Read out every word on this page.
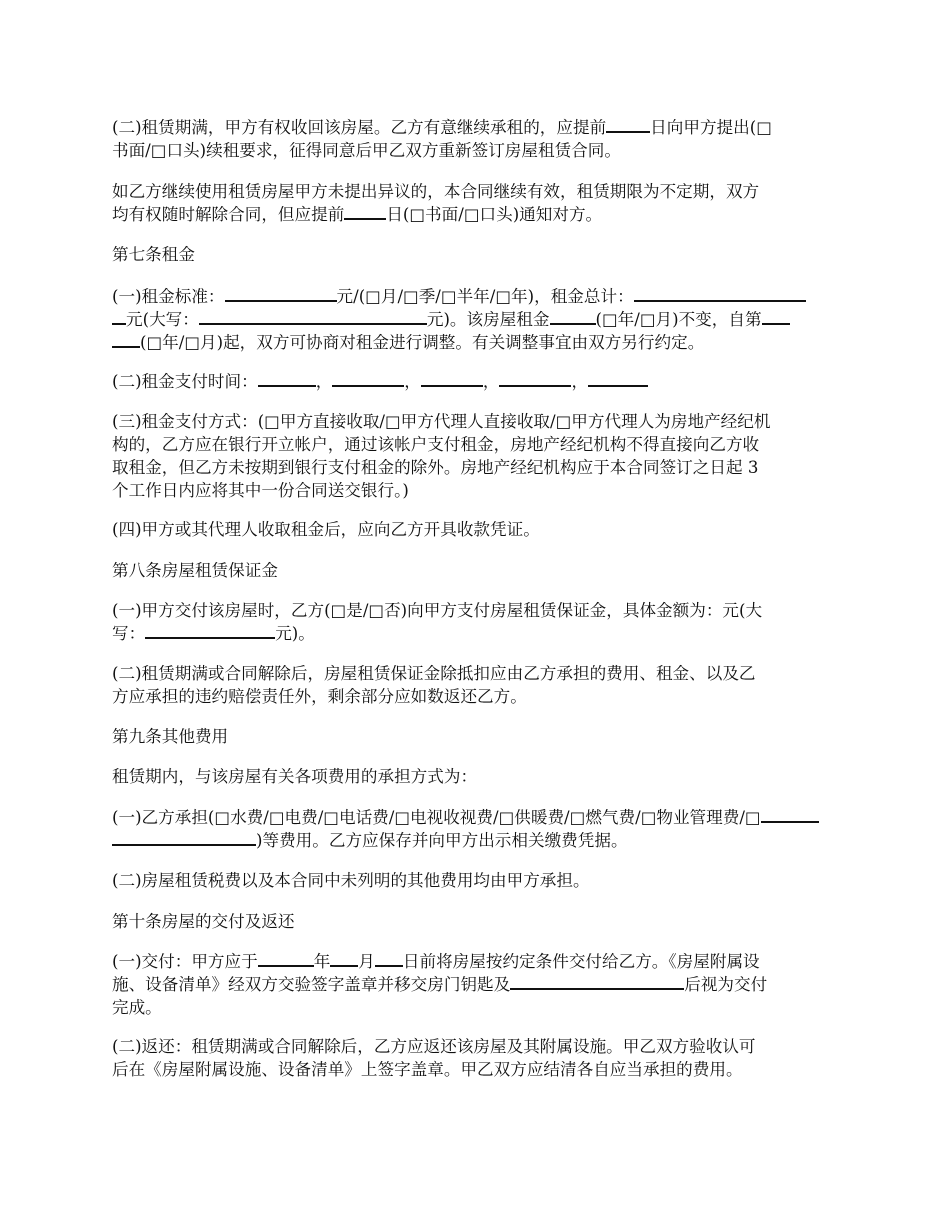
(二)租赁期满，甲方有权收回该房屋。乙方有意继续承租的，应提前	日向甲方提出(□
书面/□口头)续租要求，征得同意后甲乙双方重新签订房屋租赁合同。
如乙方继续使用租赁房屋甲方未提出异议的，本合同继续有效，租赁期限为不定期，双方
均有权随时解除合同，但应提前	日(□书面/□口头)通知对方。
第七条租金
(一)租金标准：	元/(□月/□季/□半年/□年)，租金总计：
元(大写：	元)。该房屋租金	(□年/□月)不变，自第
(□年/□月)起，双方可协商对租金进行调整。有关调整事宜由双方另行约定。
(二)租金支付时间：	，	，	，	，
(三)租金支付方式：(□甲方直接收取/□甲方代理人直接收取/□甲方代理人为房地产经纪机
构的，乙方应在银行开立帐户，通过该帐户支付租金，房地产经纪机构不得直接向乙方收
取租金，但乙方未按期到银行支付租金的除外。房地产经纪机构应于本合同签订之日起 3
个工作日内应将其中一份合同送交银行。)
(四)甲方或其代理人收取租金后，应向乙方开具收款凭证。
第八条房屋租赁保证金
(一)甲方交付该房屋时，乙方(□是/□否)向甲方支付房屋租赁保证金，具体金额为：元(大
写：	元)。
(二)租赁期满或合同解除后，房屋租赁保证金除抵扣应由乙方承担的费用、租金、以及乙
方应承担的违约赔偿责任外，剩余部分应如数返还乙方。
第九条其他费用
租赁期内，与该房屋有关各项费用的承担方式为：
(一)乙方承担(□水费/□电费/□电话费/□电视收视费/□供暖费/□燃气费/□物业管理费/□
)等费用。乙方应保存并向甲方出示相关缴费凭据。
(二)房屋租赁税费以及本合同中未列明的其他费用均由甲方承担。
第十条房屋的交付及返还
(一)交付：甲方应于	年 月 日前将房屋按约定条件交付给乙方。《房屋附属设
施、设备清单》经双方交验签字盖章并移交房门钥匙及	后视为交付
完成。
(二)返还：租赁期满或合同解除后，乙方应返还该房屋及其附属设施。甲乙双方验收认可
后在《房屋附属设施、设备清单》上签字盖章。甲乙双方应结清各自应当承担的费用。
